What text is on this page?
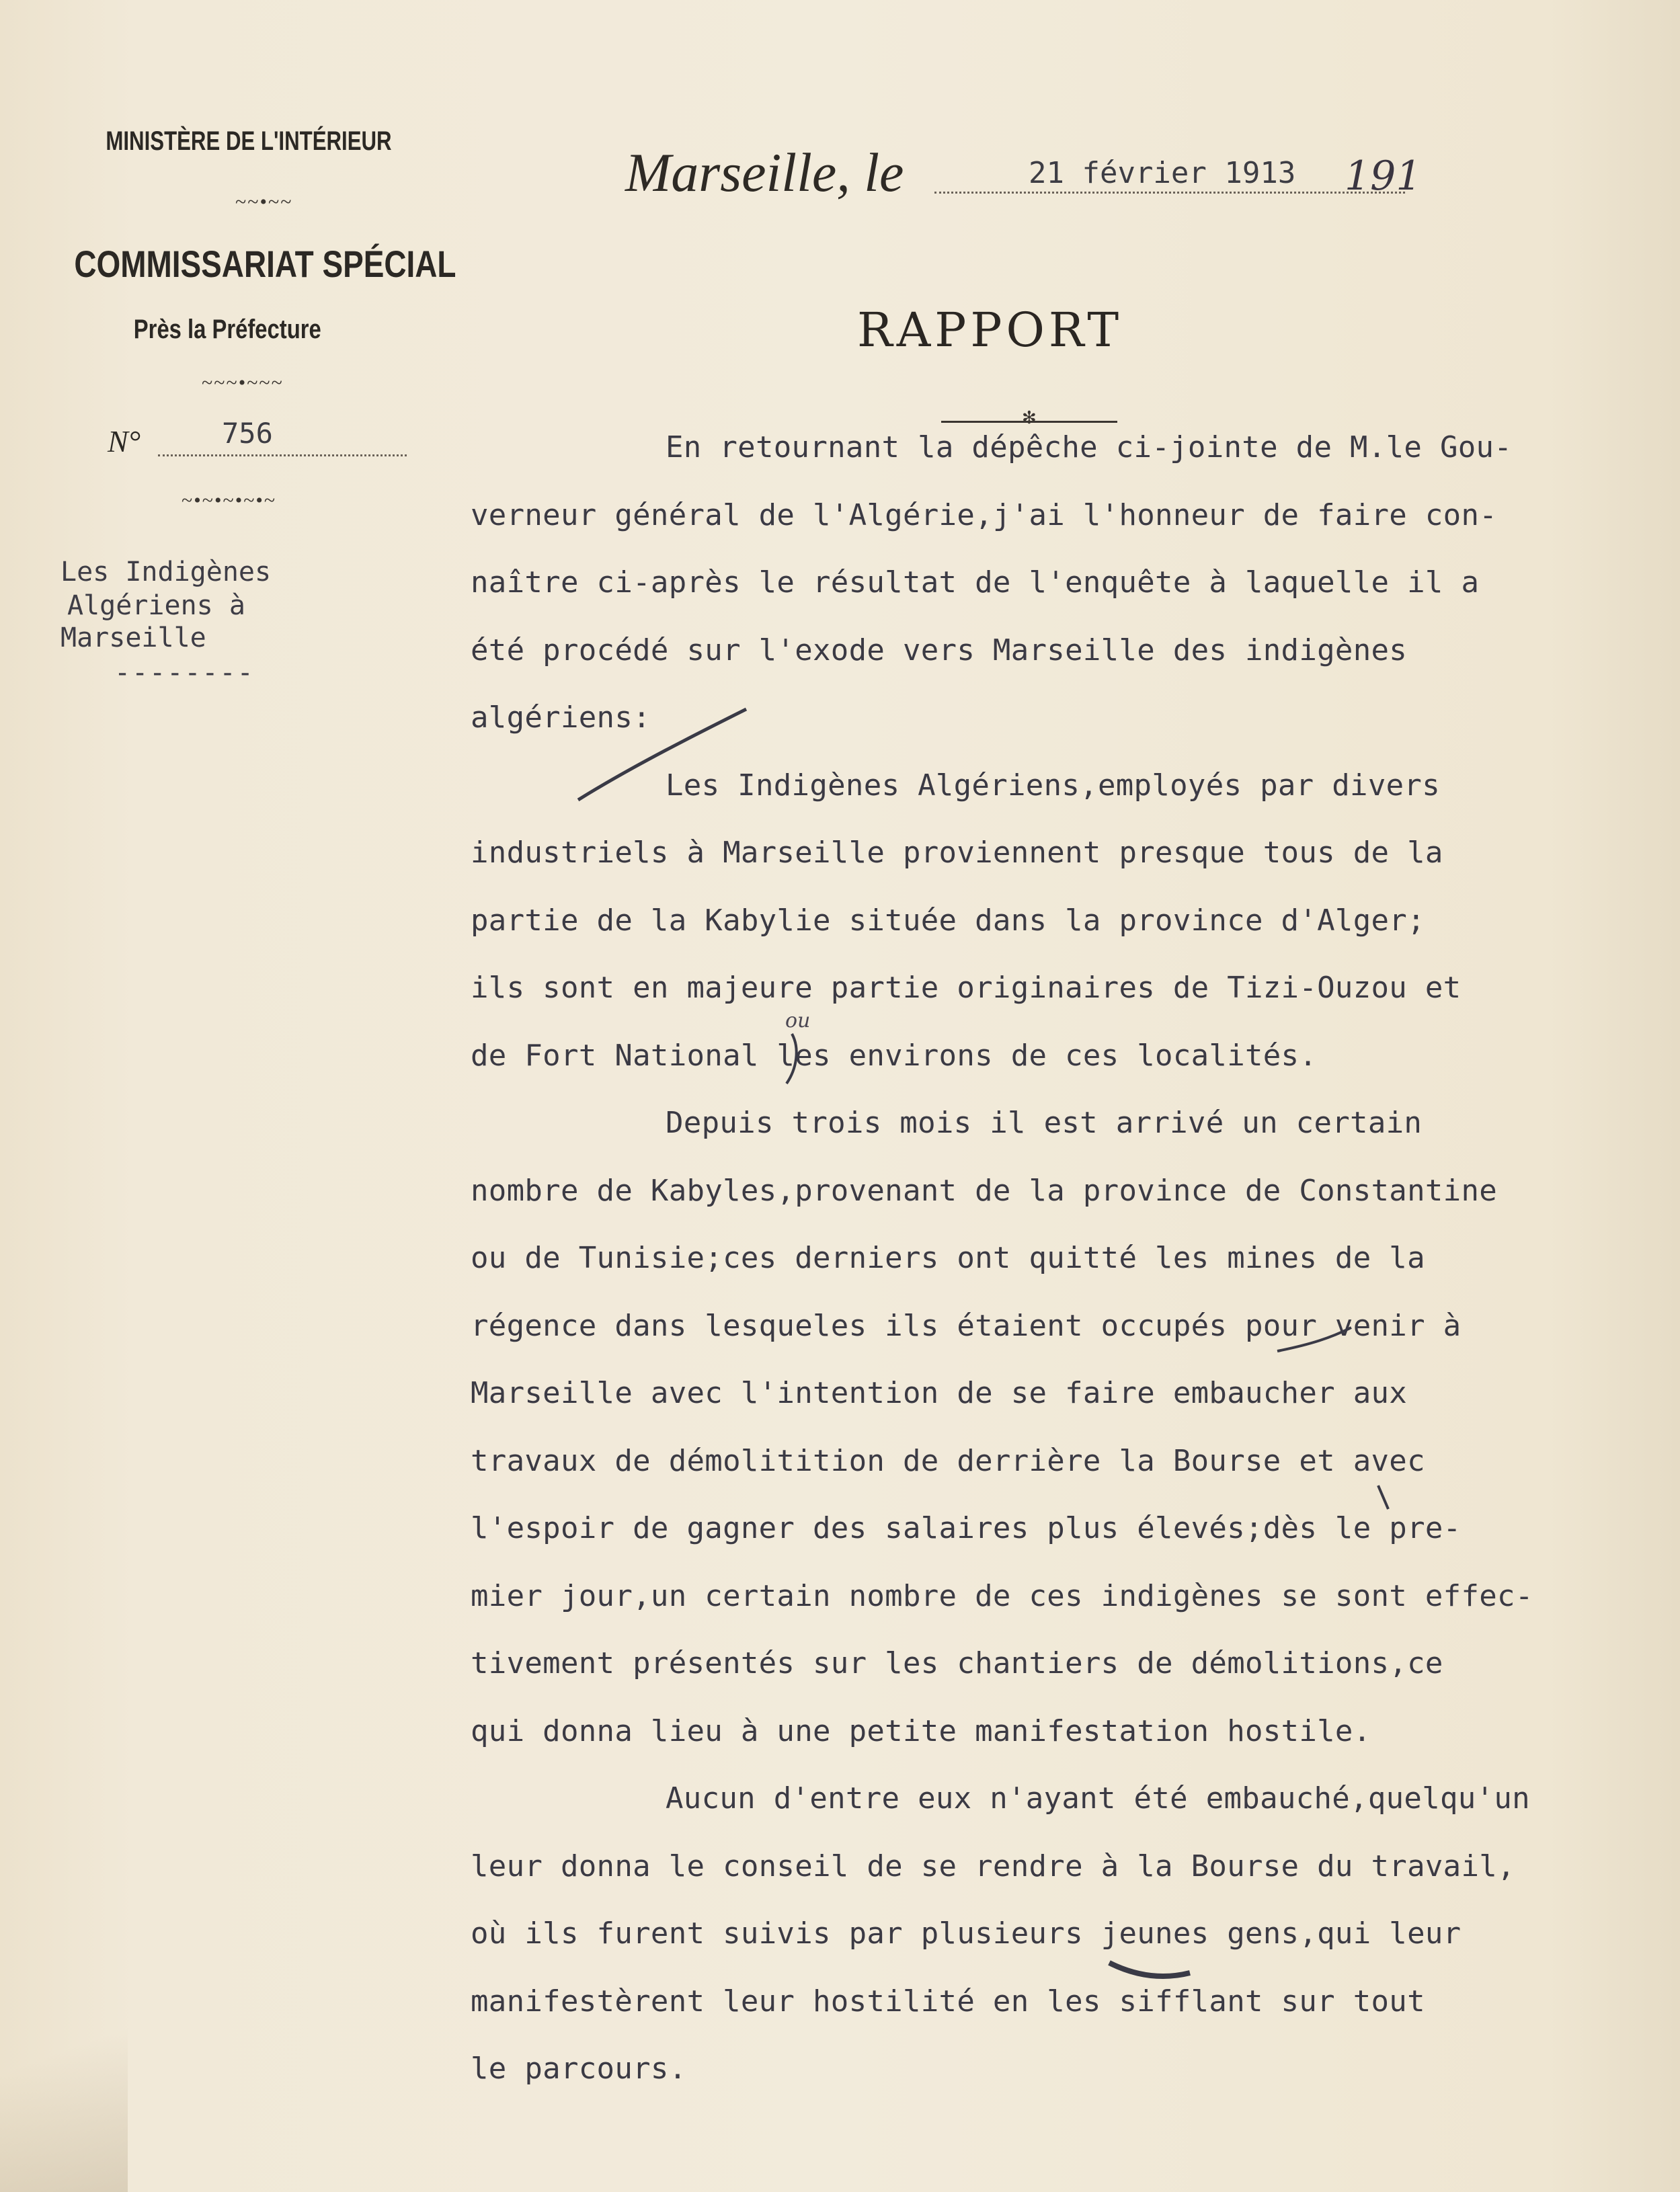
MINISTÈRE DE L'INTÉRIEUR
~~•~~
COMMISSARIAT SPÉCIAL
Près la Préfecture
~~~•~~~
N°	756
~•~•~•~•~
Les Indigènes
Algériens à
Marseille
--------
Marseille, le	21 février 1913
RAPPORT
✻
En retournant la dépêche ci-jointe de M.le Gou-
verneur général de l'Algérie,j'ai l'honneur de faire con-
naître ci-après le résultat de l'enquête à laquelle il a
été procédé sur l'exode vers Marseille des indigènes
algériens:
Les Indigènes Algériens,employés par divers
industriels à Marseille proviennent presque tous de la
partie de la Kabylie située dans la province d'Alger;
ils sont en majeure partie originaires de Tizi-Ouzou et
de Fort National les environs de ces localités.
Depuis trois mois il est arrivé un certain
nombre de Kabyles,provenant de la province de Constantine
ou de Tunisie;ces derniers ont quitté les mines de la
régence dans lesqueles ils étaient occupés pour venir à
Marseille avec l'intention de se faire embaucher aux
travaux de démolitition de derrière la Bourse et avec
l'espoir de gagner des salaires plus élevés;dès le pre-
mier jour,un certain nombre de ces indigènes se sont effec-
tivement présentés sur les chantiers de démolitions,ce
qui donna lieu à une petite manifestation hostile.
Aucun d'entre eux n'ayant été embauché,quelqu'un
leur donna le conseil de se rendre à la Bourse du travail,
où ils furent suivis par plusieurs jeunes gens,qui leur
manifestèrent leur hostilité en les sifflant sur tout
le parcours.
191
ou
